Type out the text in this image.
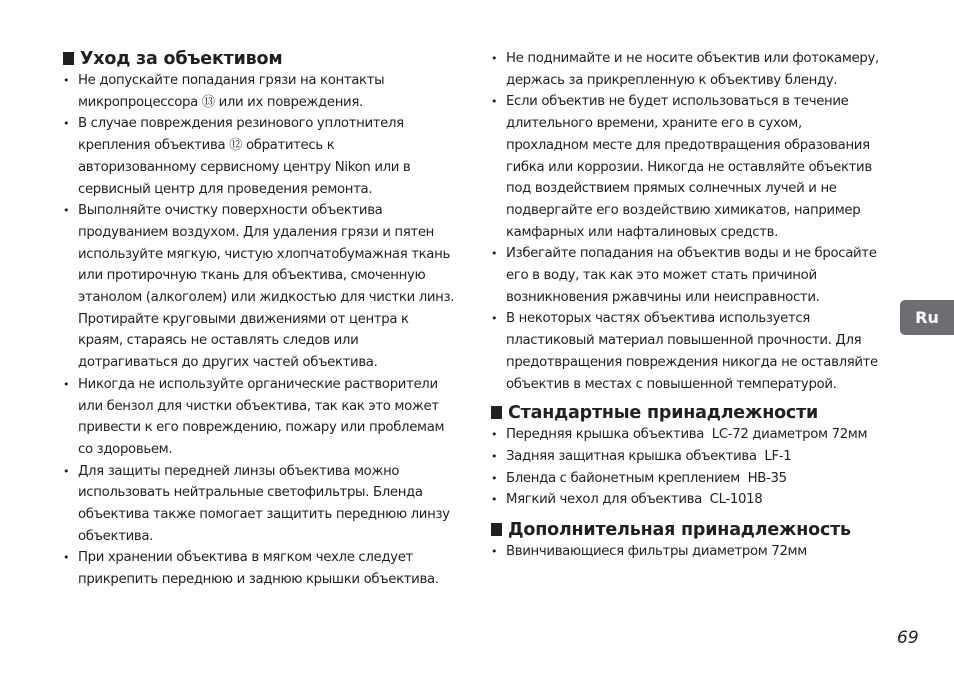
Уход за объективом
• Не допускайте попадания грязи на контакты
микропроцессора ⑬ или их повреждения.
• В случае повреждения резинового уплотнителя
крепления объектива ⑫ обратитесь к
авторизованному сервисному центру Nikon или в
сервисный центр для проведения ремонта.
• Выполняйте очистку поверхности объектива
продуванием воздухом. Для удаления грязи и пятен
используйте мягкую, чистую хлопчатобумажная ткань
или протирочную ткань для объектива, смоченную
этанолом (алкоголем) или жидкостью для чистки линз.
Протирайте круговыми движениями от центра к
краям, стараясь не оставлять следов или
дотрагиваться до других частей объектива.
• Никогда не используйте органические растворители
или бензол для чистки объектива, так как это может
привести к его повреждению, пожару или проблемам
со здоровьем.
• Для защиты передней линзы объектива можно
использовать нейтральные светофильтры. Бленда
объектива также помогает защитить переднюю линзу
объектива.
• При хранении объектива в мягком чехле следует
прикрепить переднюю и заднюю крышки объектива.
• Не поднимайте и не носите объектив или фотокамеру,
держась за прикрепленную к объективу бленду.
• Если объектив не будет использоваться в течение
длительного времени, храните его в сухом,
прохладном месте для предотвращения образования
гибка или коррозии. Никогда не оставляйте объектив
под воздействием прямых солнечных лучей и не
подвергайте его воздействию химикатов, например
камфарных или нафталиновых средств.
• Избегайте попадания на объектив воды и не бросайте
его в воду, так как это может стать причиной
возникновения ржавчины или неисправности.
• В некоторых частях объектива используется
пластиковый материал повышенной прочности. Для
предотвращения повреждения никогда не оставляйте
объектив в местах с повышенной температурой.
Стандартные принадлежности
• Передняя крышка объектива  LC-72 диаметром 72мм
• Задняя защитная крышка объектива  LF-1
• Бленда с байонетным креплением  HB-35
• Мягкий чехол для объектива  CL-1018
Дополнительная принадлежность
• Ввинчивающиеся фильтры диаметром 72мм
Ru
69
